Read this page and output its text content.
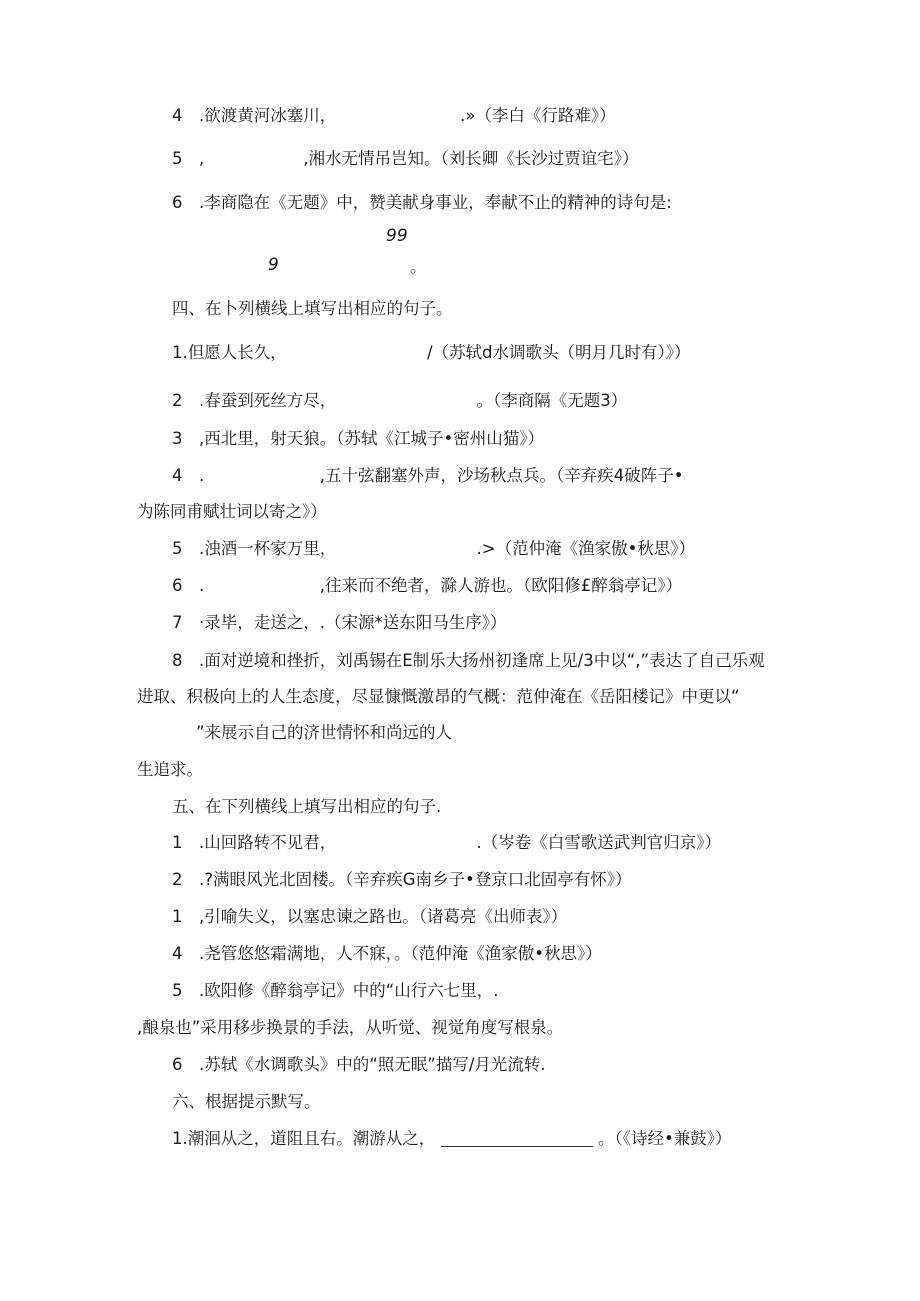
4　.欲渡黄河冰塞川，　　　　　　　　.»（李白《行路难》）
5　,　　　　　　,湘水无情吊岂知。（刘长卿《长沙过贾谊宅》）
6　.李商隐在《无题》中，赞美献身事业，奉献不止的精神的诗句是:
99
9	。
四、在卜列横线上填写出相应的句子。
1.但愿人长久，　　　　　　　　　/（苏轼d水调歌头（明月几时有）》）
2　.春蚕到死丝方尽，　　　　　　　　　。（李商隔《无题3）
3　,西北里，射天狼。（苏轼《江城子•密州山猫》）
4　.　　　　　　　,五十弦翻塞外声，沙场秋点兵。（辛弃疾4破阵子•
为陈同甫赋壮词以寄之》）
5　.浊酒一杯家万里，　　　　　　　　　.>（范仲淹《渔家傲•秋思》）
6　.　　　　　　　,往来而不绝者，滁人游也。（欧阳修£醉翁亭记》）
7　·录毕，走送之，.（宋源*送东阳马生序》）
8　.面对逆境和挫折，刘禹锡在E制乐大扬州初逢席上见/3中以“,”表达了自己乐观
进取、积极向上的人生态度，尽显慷慨激昂的气概：范仲淹在《岳阳楼记》中更以“
”来展示自己的济世情怀和尚远的人
生追求。
五、在下列横线上填写出相应的句子.
1　.山回路转不见君，　　　　　　　　　.（岑卷《白雪歌送武判官归京》）
2　.?满眼风光北固楼。（辛弃疾G南乡子•登京口北固亭有怀》）
1　,引喻失义，以塞忠谏之路也。（诸葛亮《出师表》）
4　.尧管悠悠霜满地，人不寐，。（范仲淹《渔家傲•秋思》）
5　.欧阳修《醉翁亭记》中的“山行六七里，.
,酿泉也”采用移步换景的手法，从听觉、视觉角度写根泉。
6　.苏轼《水调歌头》中的“照无眠”描写/月光流转.
六、根据提示默写。
1.潮洄从之，道阻且右。潮游从之，	。（《诗经•兼鼓》）
